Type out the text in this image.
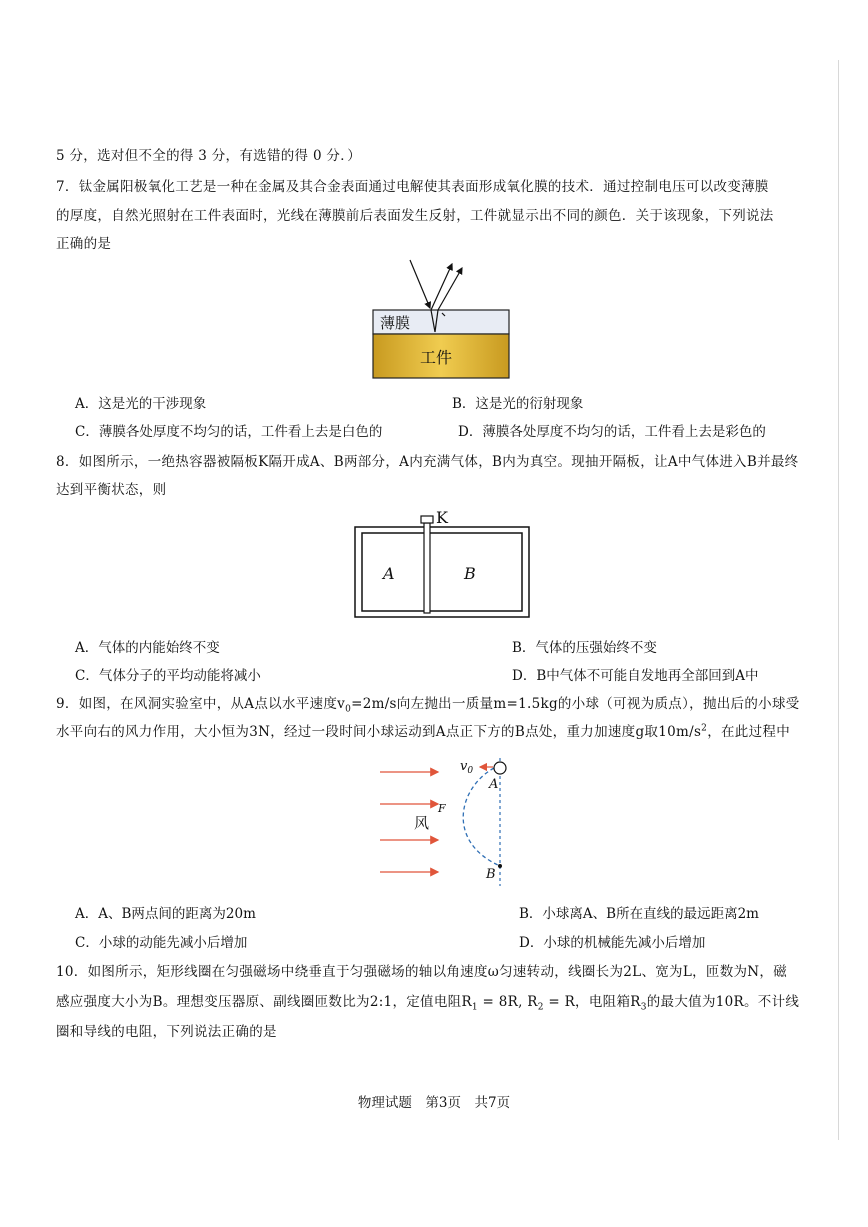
5 分，选对但不全的得 3 分，有选错的得 0 分．）
7．钛金属阳极氧化工艺是一种在金属及其合金表面通过电解使其表面形成氧化膜的技术．通过控制电压可以改变薄膜
的厚度，自然光照射在工件表面时，光线在薄膜前后表面发生反射，工件就显示出不同的颜色．关于该现象，下列说法
正确的是
薄膜
工件
A．这是光的干涉现象	B．这是光的衍射现象
C．薄膜各处厚度不均匀的话，工件看上去是白色的	D．薄膜各处厚度不均匀的话，工件看上去是彩色的
8．如图所示，一绝热容器被隔板K隔开成A、B两部分，A内充满气体，B内为真空。现抽开隔板，让A中气体进入B并最终
达到平衡状态，则
K
A	B
A．气体的内能始终不变	B．气体的压强始终不变
C．气体分子的平均动能将减小	D．B中气体不可能自发地再全部回到A中
9．如图，在风洞实验室中，从A点以水平速度$v_0=2m/s$向左抛出一质量m=1.5kg的小球（可视为质点），抛出后的小球受
水平向右的风力作用，大小恒为3N，经过一段时间小球运动到A点正下方的B点处，重力加速度g取$10m/s^2$，在此过程中
$v_0$
A
B
F
风
A．A、B两点间的距离为20m	B．小球离A、B所在直线的最远距离2m
C．小球的动能先减小后增加	D．小球的机械能先减小后增加
10．如图所示，矩形线圈在匀强磁场中绕垂直于匀强磁场的轴以角速度ω匀速转动，线圈长为2L、宽为L，匝数为N，磁
感应强度大小为B。理想变压器原、副线圈匝数比为2:1，定值电阻$R_1 = 8R$, $R_2 = R$，电阻箱$R_3$的最大值为10R。不计线
圈和导线的电阻，下列说法正确的是
物理试题　第3页　共7页
